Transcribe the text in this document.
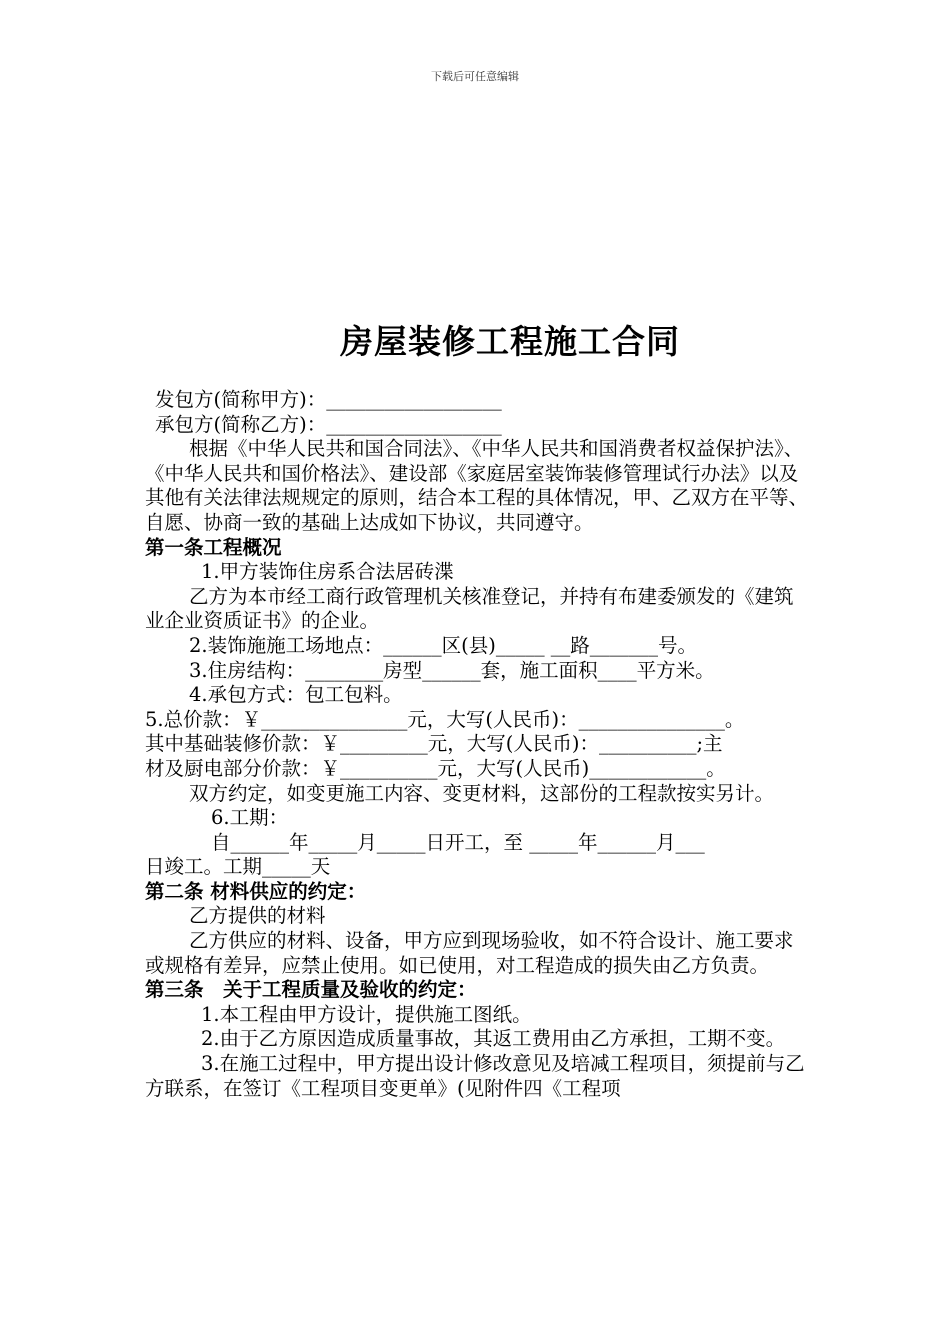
下载后可任意编辑
房屋装修工程施工合同
发包方(简称甲方)：__________________
承包方(简称乙方)：__________________
根据《中华人民共和国合同法》、《中华人民共和国消费者权益保护法》、《中华人民共和国价格法》、建设部《家庭居室装饰装修管理试行办法》以及其他有关法律法规规定的原则，结合本工程的具体情况，甲、乙双方在平等、自愿、协商一致的基础上达成如下协议，共同遵守。
第一条工程概况
1.甲方装饰住房系合法居砖渫
乙方为本市经工商行政管理机关核准登记，并持有布建委颁发的《建筑业企业资质证书》的企业。
2.装饰施施工场地点：______区(县)_____ __路_______号。
3.住房结构：________房型______套，施工面积____平方米。
4.承包方式：包工包料。
5.总价款：￥_______________元，大写(人民币)：_______________。
其中基础装修价款：￥_________元，大写(人民币)：__________;主
材及厨电部分价款：￥__________元，大写(人民币)____________。
双方约定，如变更施工内容、变更材料，这部份的工程款按实另计。
6.工期：
自______年_____月_____日开工，至 _____年______月___
日竣工。工期_____天
第二条 材料供应的约定：
乙方提供的材料
乙方供应的材料、设备，甲方应到现场验收，如不符合设计、施工要求或规格有差异，应禁止使用。如已使用，对工程造成的损失由乙方负责。
第三条　关于工程质量及验收的约定：
1.本工程由甲方设计，提供施工图纸。
2.由于乙方原因造成质量事故，其返工费用由乙方承担，工期不变。
3.在施工过程中，甲方提出设计修改意见及培减工程项目，须提前与乙方联系，在签订《工程项目变更单》(见附件四《工程项
